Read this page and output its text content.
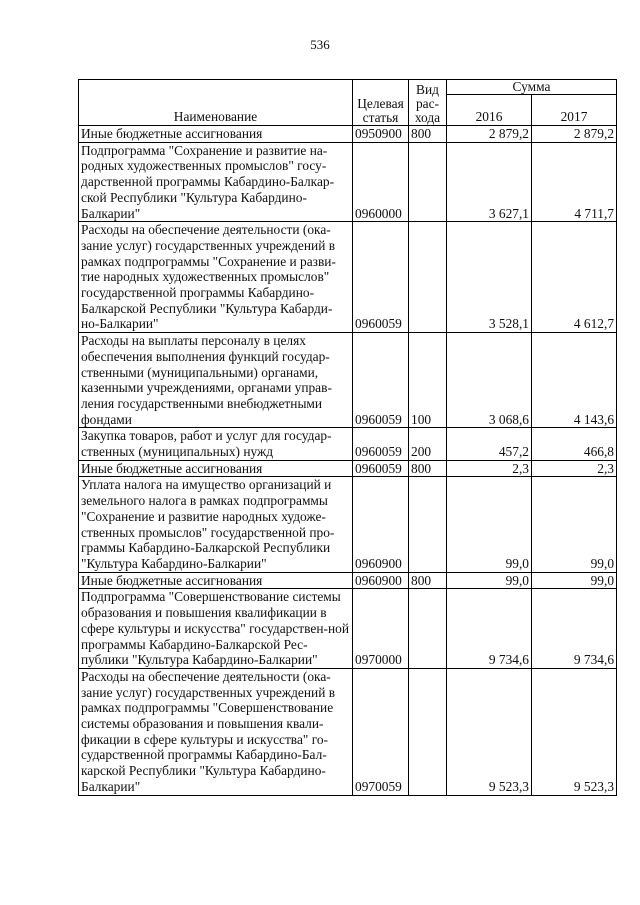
536
Наименование	Целевая статья	Вид рас-хода	Сумма	
			2016	2017
Иные бюджетные ассигнования	0950900	800	2 879,2	2 879,2
Подпрограмма "Сохранение и развитие на-родных художественных промыслов" госу-дарственной программы Кабардино-Балкар-ской Республики "Культура Кабардино-Балкарии"	0960000		3 627,1	4 711,7
Расходы на обеспечение деятельности (ока-зание услуг) государственных учреждений в рамках подпрограммы "Сохранение и разви-тие народных художественных промыслов" государственной программы Кабардино-Балкарской Республики "Культура Кабарди-но-Балкарии"	0960059		3 528,1	4 612,7
Расходы на выплаты персоналу в целях обеспечения выполнения функций государ-ственными (муниципальными) органами, казенными учреждениями, органами управ-ления государственными внебюджетными фондами	0960059	100	3 068,6	4 143,6
Закупка товаров, работ и услуг для государ-ственных (муниципальных) нужд	0960059	200	457,2	466,8
Иные бюджетные ассигнования	0960059	800	2,3	2,3
Уплата налога на имущество организаций и земельного налога в рамках подпрограммы "Сохранение и развитие народных художе-ственных промыслов" государственной про-граммы Кабардино-Балкарской Республики "Культура Кабардино-Балкарии"	0960900		99,0	99,0
Иные бюджетные ассигнования	0960900	800	99,0	99,0
Подпрограмма "Совершенствование системы образования и повышения квалификации в сфере культуры и искусства" государствен-ной программы Кабардино-Балкарской Рес-публики "Культура Кабардино-Балкарии"	0970000		9 734,6	9 734,6
Расходы на обеспечение деятельности (ока-зание услуг) государственных учреждений в рамках подпрограммы "Совершенствование системы образования и повышения квали-фикации в сфере культуры и искусства" го-сударственной программы Кабардино-Бал-карской Республики "Культура Кабардино-Балкарии"	0970059		9 523,3	9 523,3
